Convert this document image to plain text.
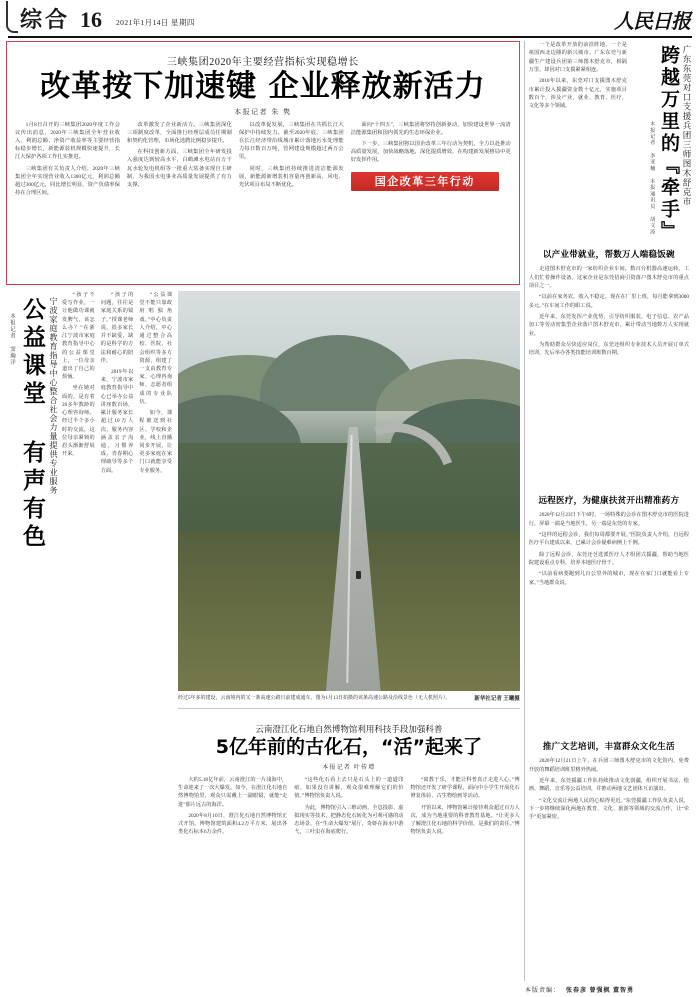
综合 16 2021年1月14日 星期四	人民日报
三峡集团2020年主要经营指标实现稳增长
改革按下加速键 企业释放新活力
本报记者 朱 隽

1月8日召开的三峡集团2020年度工作会议传出消息，2020年三峡集团全年营业收入、利润总额、净资产收益率等主要经营指标稳步增长，新能源装机规模快速提升，长江大保护各项工作扎实推进。

三峡集团有关负责人介绍，2020年三峡集团全年实现营业收入1300亿元，利润总额超过300亿元，同比增长明显，资产负债率保持在合理区间。

改革激发了企业新活力。三峡集团深化三项制度改革，全面推行经理层成员任期制和契约化管理，市场化选聘比例稳步提升。

在科技创新方面，三峡集团全年研发投入强度达到较高水平，白鹤滩水电站百万千瓦水轮发电机组等一批重大装备实现自主研制，为我国水电事业高质量发展提供了有力支撑。

以改革促发展，三峡集团在共抓长江大保护中持续发力。截至2020年底，三峡集团在长江经济带沿线城市累计落地污水处理能力每日数百万吨，管网建设规模超过两万公里。

同时，三峡集团持续推进清洁能源发展，新能源新增装机容量再创新高，风电、光伏项目布局不断优化。

面向“十四五”，三峡集团将坚持创新驱动，加快建设世界一流清洁能源集团和国内领先的生态环保企业。

下一步，三峡集团将以国企改革三年行动为契机，全力以赴推动高质量发展，加快战略落地，深化提质增效，在构建新发展格局中更好发挥作用。

国企改革三年行动
宁波家庭教育指导中心整合社会力量提供专业服务
公益课堂 有声有色
本报记者 窦瀚洋

“孩子不爱写作业，一让他做功课就发脾气，该怎么办？”在浙江宁波市家庭教育指导中心的公益课堂上，一位母亲道出了自己的烦恼。

坐在她对面的，是有着20多年教龄的心理咨询师。经过半个多小时的交流，这位母亲紧锁的眉头渐渐舒展开来。

“孩子的问题，往往是家庭关系的镜子。”授课老师说，很多家长并不缺爱，缺的是科学的方法和耐心的陪伴。

2019年以来，宁波市家庭教育指导中心已举办公益讲座数百场，累计服务家长超过10万人次，服务内容涵盖亲子沟通、习惯养成、青春期心理疏导等多个方面。

“公益课堂不能只靠政府唱独角戏。”中心负责人介绍，中心通过整合高校、医院、社会组织等多方资源，组建了一支由教育专家、心理咨询师、志愿者组成的专业队伍。

如今，课程被送到社区、学校和企业，线上直播同步开展，让更多家庭在家门口就能享受专业服务。

新华社记者 王曦摄
经过5年多的建设，云南境内的又一条高速公路日前建成通车。图为1月13日拍摄的该条高速公路及沿线景色（无人机照片）。
云南澄江化石地自然博物馆利用科技手段加强科普
5亿年前的古化石，“活”起来了
本报记者 叶传增

大约5.18亿年前，云南澄江的一片浅海中，生命迎来了一次大爆发。如今，在澄江化石地自然博物馆里，观众只需戴上一副眼镜，就能“走进”那片远古的海洋。

2020年8月10日，澄江化石地自然博物馆正式开馆。博物馆建筑面积4.2万平方米，展出各类化石标本6万余件。

“这些化石看上去只是石头上的一道道印痕，如果没有讲解，观众很难理解它们的价值。”博物馆负责人说。

为此，博物馆引入三维动画、全息投影、虚拟现实等技术，把静态化石转化为可观可感的动态场景。在“生命大爆发”展厅，奇虾在海水中游弋，三叶虫在海底爬行。

“寓教于乐，才能让科普真正走进人心。”博物馆还开发了研学课程，面向中小学生开展化石修复体验、古生物绘画等活动。

开馆以来，博物馆累计接待观众超过百万人次，成为当地重要的科普教育基地。“让更多人了解澄江化石地的科学价值，是我们的责任。”博物馆负责人说。

一个是改革开放的前沿阵地，一个是祖国西北边陲的新兴城市。广东东莞与新疆生产建设兵团第三师图木舒克市，相隔万里，却因对口支援紧紧相连。

2010年以来，东莞对口支援图木舒克市累计投入援疆资金数十亿元，实施项目数百个，涉及产业、就业、教育、医疗、文化等多个领域。	广东东莞对口支援兵团三师图木舒克市
跨越万里的『牵手』
本报记者 李亚楠 本报通讯员 胡文涛
以产业带就业，帮数万人端稳饭碗

走进图木舒克市的一家纺织企业车间，数百台机器高速运转，工人们忙着操作设备。这家企业是东莞招商引资落户图木舒克市的重点项目之一。

“以前在家务农，收入不稳定。现在在厂里上班，每月能拿到3000多元。”在车间工作的职工说。

近年来，东莞发挥产业优势，引导纺织服装、电子信息、农产品加工等劳动密集型企业落户图木舒克市，累计带动当地数万人实现就业。

为帮助群众尽快适应岗位，东莞还组织专业技术人员开展订单式培训，先后举办各类技能培训班数百期。

远程医疗，为健康扶贫开出精准药方

2020年12月23日下午6时，一场特殊的会诊在图木舒克市的医院进行。屏幕一端是当地医生，另一端是东莞的专家。

“这样的远程会诊，我们每周都要开展。”医院负责人介绍，自远程医疗平台建成以来，已累计会诊疑难病例上千例。

除了远程会诊，东莞还선选派医疗人才组团式援疆，帮助当地医院建设重点专科，培养本地医疗骨干。

“以前看病要跑到几百公里外的城市，现在在家门口就能看上专家。”当地群众说。

推广文艺培训，丰富群众文化生活

2020年12月21日上午，在兵团三师图木舒克市的文化馆内，免费开放的舞蹈培训班里格外热闹。

近年来，东莞援疆工作队持续推动文化润疆，组织开展书法、绘画、舞蹈、音乐等公益培训，并推动两地文艺团体互访演出。

“文化交流让两地人民的心贴得更近。”东莞援疆工作队负责人说，下一步将继续深化两地在教育、文化、旅游等领域的交流合作，让“牵手”更加紧密。

本版责编： 张春彦 曾强枫 董智勇
